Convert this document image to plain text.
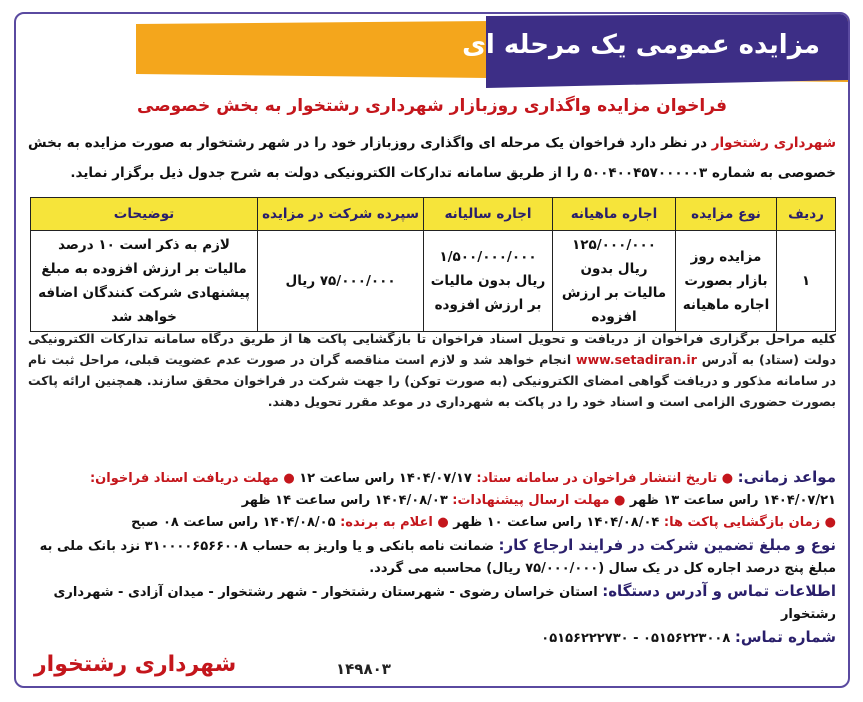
مزایده عمومی یک مرحله ای
فراخوان مزایده واگذاری روزبازار شهرداری رشتخوار به بخش خصوصی
شهرداری رشتخوار در نظر دارد فراخوان یک مرحله ای واگذاری روزبازار خود را در شهر رشتخوار به صورت مزایده به بخش خصوصی به شماره ۵۰۰۴۰۰۴۵۷۰۰۰۰۰۳ را از طریق سامانه تدارکات الکترونیکی دولت به شرح جدول ذیل برگزار نماید.
ردیف	نوع مزایده	اجاره ماهیانه	اجاره سالیانه	سپرده شرکت در مزایده	توضیحات
۱	مزایده روز بازار بصورت اجاره ماهیانه	۱۲۵/۰۰۰/۰۰۰ ریال بدون مالیات بر ارزش افزوده	۱/۵۰۰/۰۰۰/۰۰۰ ریال بدون مالیات بر ارزش افزوده	۷۵/۰۰۰/۰۰۰ ریال	لازم به ذکر است ۱۰ درصد مالیات بر ارزش افزوده به مبلغ پیشنهادی شرکت کنندگان اضافه خواهد شد
کلیه مراحل برگزاری فراخوان از دریافت و تحویل اسناد فراخوان تا بازگشایی پاکت ها از طریق درگاه سامانه تدارکات الکترونیکی دولت (ستاد) به آدرس www.setadiran.ir انجام خواهد شد و لازم است مناقصه گران در صورت عدم عضویت قبلی، مراحل ثبت نام در سامانه مذکور و دریافت گواهی امضای الکترونیکی (به صورت توکن) را جهت شرکت در فراخوان محقق سازند. همچنین ارائه پاکت بصورت حضوری الزامی است و اسناد خود را در پاکت به شهرداری در موعد مقرر تحویل دهند.
مواعد زمانی: ● تاریخ انتشار فراخوان در سامانه ستاد: ۱۴۰۴/۰۷/۱۷ راس ساعت ۱۲ ● مهلت دریافت اسناد فراخوان:
۱۴۰۴/۰۷/۲۱ راس ساعت ۱۳ ظهر ● مهلت ارسال پیشنهادات: ۱۴۰۴/۰۸/۰۳ راس ساعت ۱۴ ظهر
● زمان بازگشایی پاکت ها: ۱۴۰۴/۰۸/۰۴ راس ساعت ۱۰ ظهر ● اعلام به برنده: ۱۴۰۴/۰۸/۰۵ راس ساعت ۰۸ صبح
نوع و مبلغ تضمین شرکت در فرایند ارجاع کار: ضمانت نامه بانکی و یا واریز به حساب ۳۱۰۰۰۰۶۵۶۶۰۰۸ نزد بانک ملی به مبلغ پنج درصد اجاره کل در یک سال (۷۵/۰۰۰/۰۰۰ ریال) محاسبه می گردد.
اطلاعات تماس و آدرس دستگاه: استان خراسان رضوی - شهرستان رشتخوار - شهر رشتخوار - میدان آزادی - شهرداری رشتخوار
شماره تماس: ۰۵۱۵۶۲۲۳۰۰۸ - ۰۵۱۵۶۲۲۲۷۳۰
شهرداری رشتخوار	۱۴۹۸۰۳
